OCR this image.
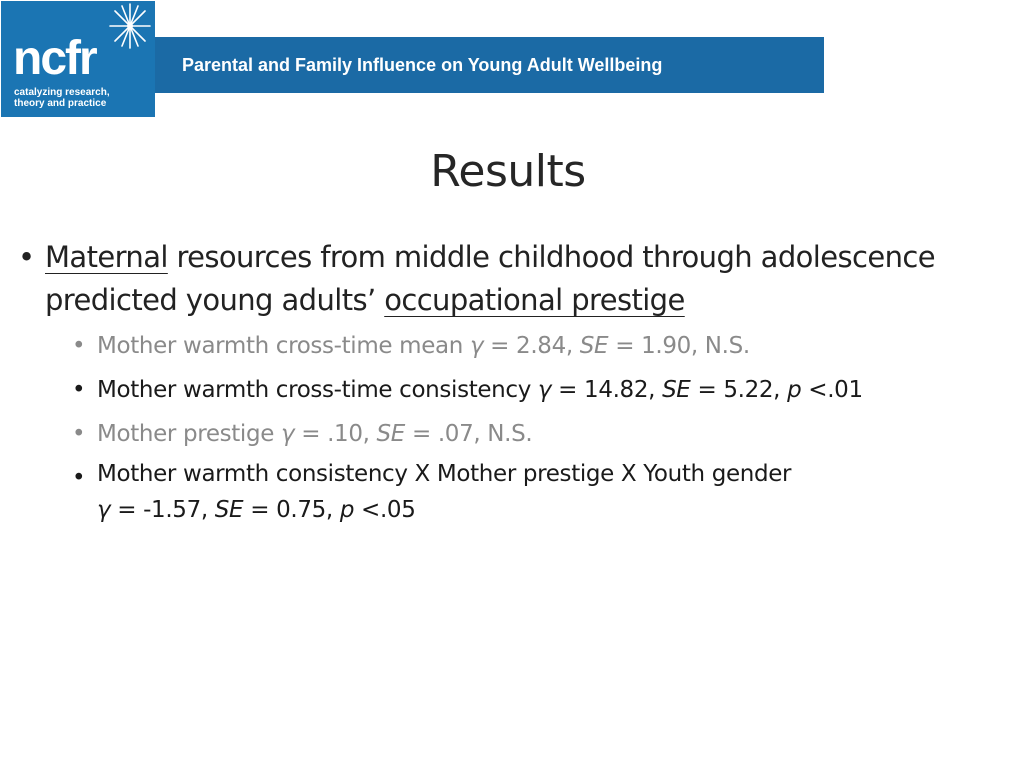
ncfr
catalyzing research,
theory and practice
Parental and Family Influence on Young Adult Wellbeing
Results
• Maternal resources from middle childhood through adolescence predicted young adults’ occupational prestige
• Mother warmth cross-time mean γ = 2.84, SE = 1.90, N.S.
• Mother warmth cross-time consistency γ = 14.82, SE = 5.22, p <.01
• Mother prestige γ = .10, SE = .07, N.S.
• Mother warmth consistency X Mother prestige X Youth gender
γ = -1.57, SE = 0.75, p <.05
